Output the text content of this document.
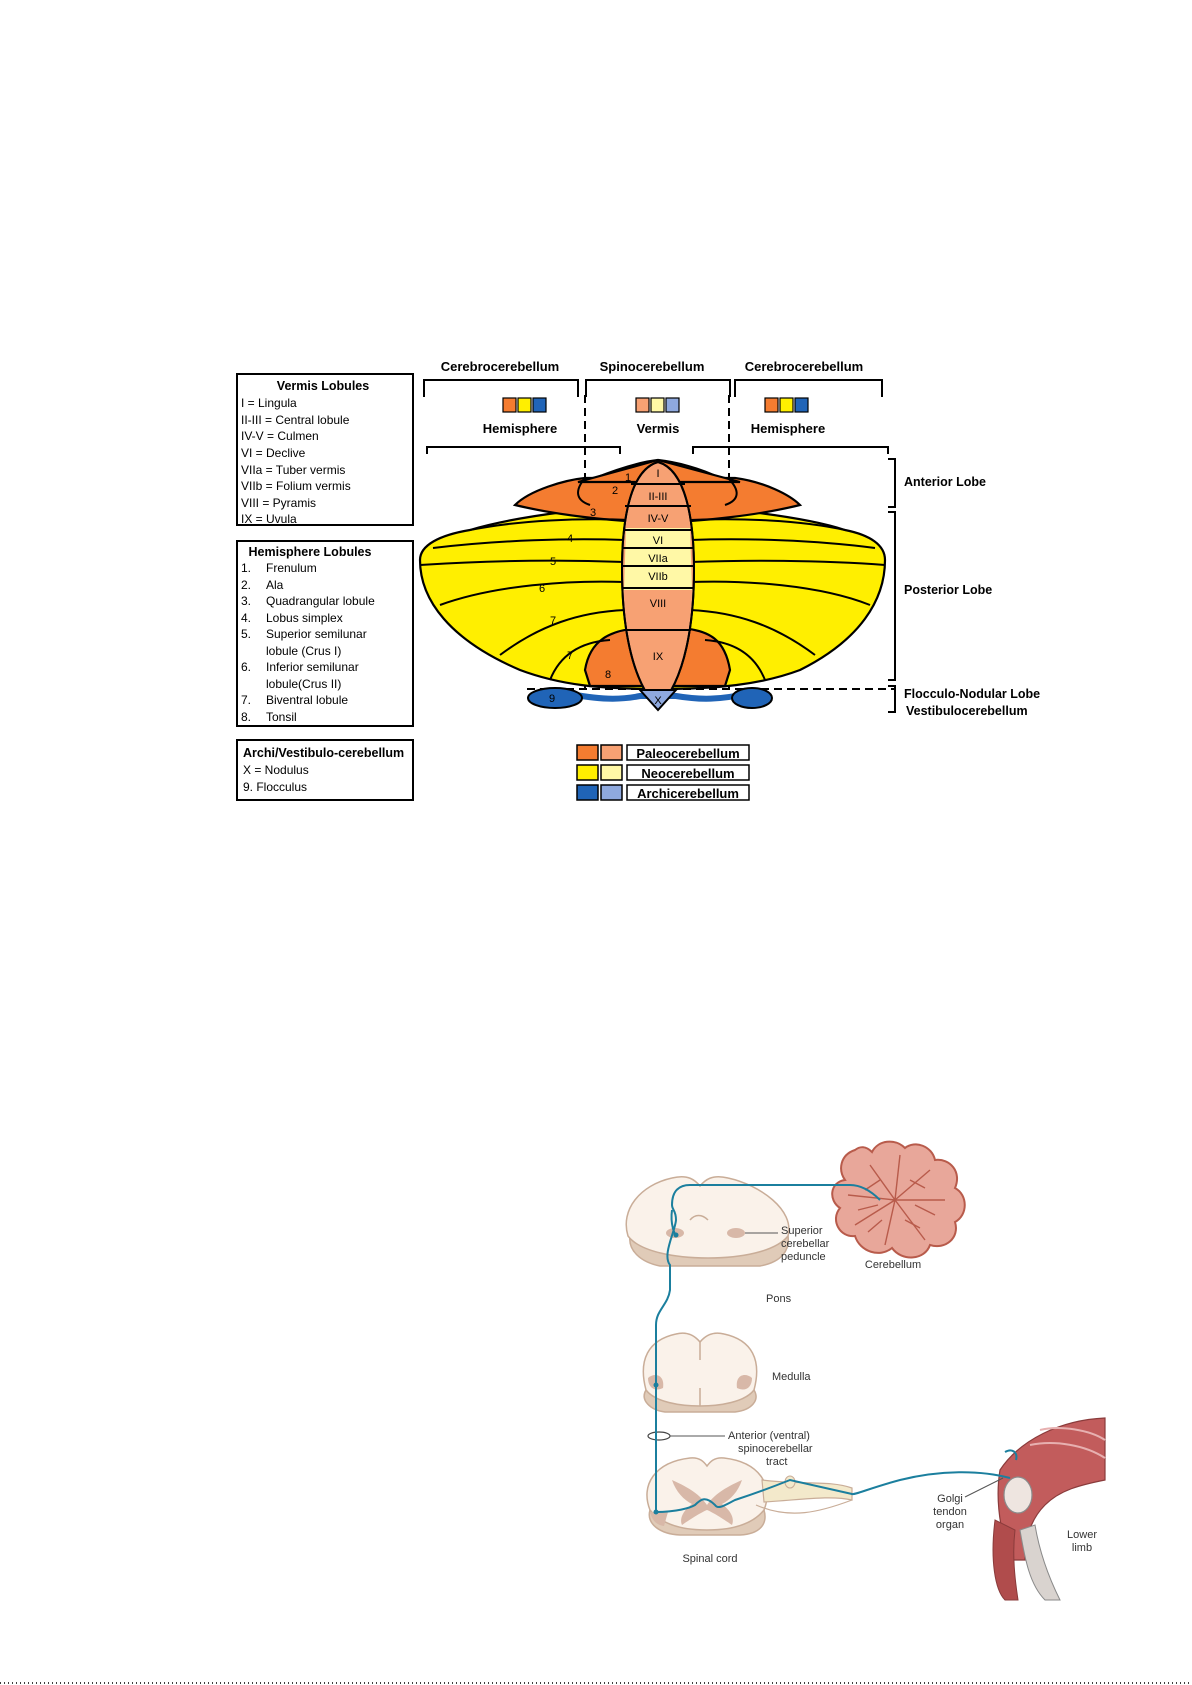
Cerebrocerebellum	Spinocerebellum	Cerebrocerebellum
Hemisphere	Vermis	Hemisphere
I
II-III
IV-V
VI
VIIa
VIIb
VIII
IX
X
1
2
3
4
5
6
7
7
8
9
Anterior Lobe
Posterior Lobe
Flocculo-Nodular Lobe
Vestibulocerebellum
Paleocerebellum
Neocerebellum
Archicerebellum
Vermis Lobules
I = Lingula
II-III = Central lobule
IV-V = Culmen
VI = Declive
VIIa = Tuber vermis
VIIb = Folium vermis
VIII = Pyramis
IX = Uvula
Hemisphere Lobules
1. Frenulum
2. Ala
3. Quadrangular lobule
4. Lobus simplex
5. Superior semilunar
lobule (Crus I)
6. Inferior semilunar
lobule(Crus II)
7. Biventral lobule
8. Tonsil
Archi/Vestibulo-cerebellum
X = Nodulus
9. Flocculus
Cerebellum
Pons
Superior
cerebellar
peduncle
Medulla
Anterior (ventral)
spinocerebellar
tract
Spinal cord
Golgi
tendon
organ
Lower
limb
